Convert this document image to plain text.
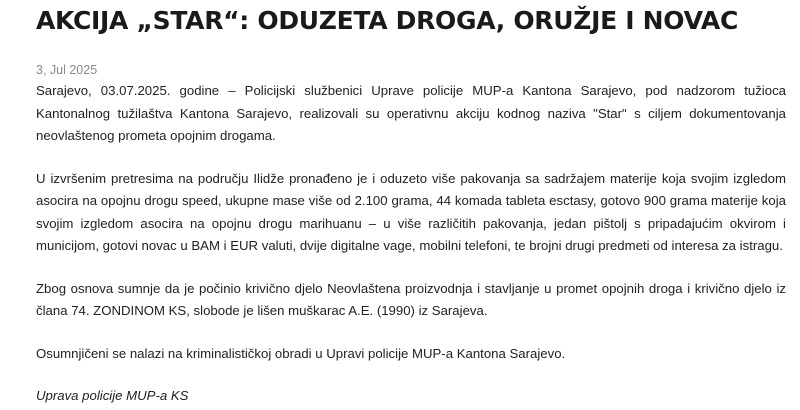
AKCIJA „STAR“: ODUZETA DROGA, ORUŽJE I NOVAC
3, Jul 2025

Sarajevo, 03.07.2025. godine – Policijski službenici Uprave policije MUP-a Kantona Sarajevo, pod nadzorom tužioca Kantonalnog tužilaštva Kantona Sarajevo, realizovali su operativnu akciju kodnog naziva "Star" s ciljem dokumentovanja neovlaštenog prometa opojnim drogama.

U izvršenim pretresima na području Ilidže pronađeno je i oduzeto više pakovanja sa sadržajem materije koja svojim izgledom asocira na opojnu drogu speed, ukupne mase više od 2.100 grama, 44 komada tableta esctasy, gotovo 900 grama materije koja svojim izgledom asocira na opojnu drogu marihuanu – u više različitih pakovanja, jedan pištolj s pripadajućim okvirom i municijom, gotovi novac u BAM i EUR valuti, dvije digitalne vage, mobilni telefoni, te brojni drugi predmeti od interesa za istragu.

Zbog osnova sumnje da je počinio krivično djelo Neovlaštena proizvodnja i stavljanje u promet opojnih droga i krivično djelo iz člana 74. ZONDINOM KS, slobode je lišen muškarac A.E. (1990) iz Sarajeva.

Osumnjičeni se nalazi na kriminalističkoj obradi u Upravi policije MUP-a Kantona Sarajevo.

Uprava policije MUP-a KS
